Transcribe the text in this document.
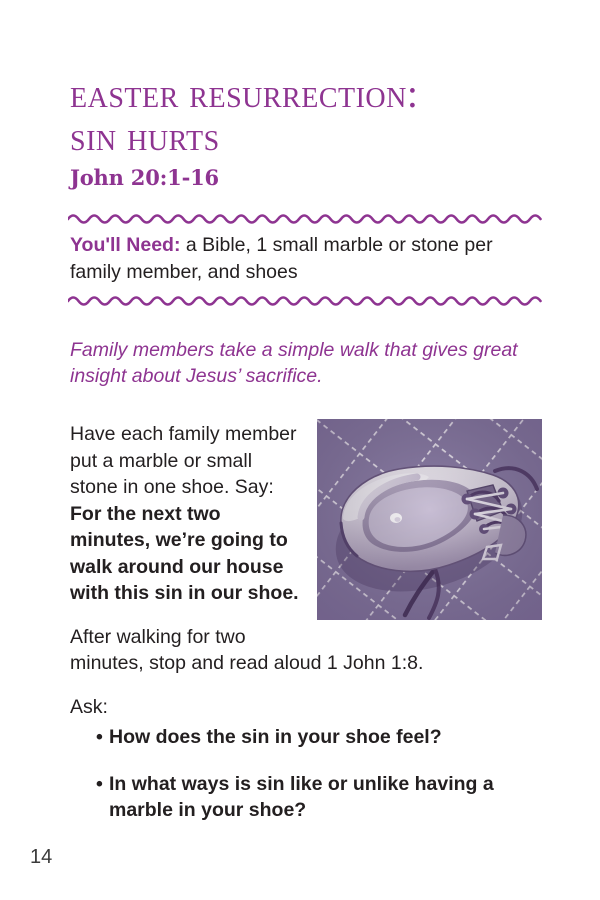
easter resurrection:
sin hurts
John 20:1-16
You'll Need: a Bible, 1 small marble or stone per family member, and shoes
Family members take a simple walk that gives great insight about Jesus’ sacrifice.

Have each family member put a marble or small stone in one shoe. Say: For the next two minutes, we’re going to walk around our house with this sin in our shoe.

After walking for two minutes, stop and read aloud 1 John 1:8.

Ask:
• How does the sin in your shoe feel?
• In what ways is sin like or unlike having a marble in your shoe?
14
